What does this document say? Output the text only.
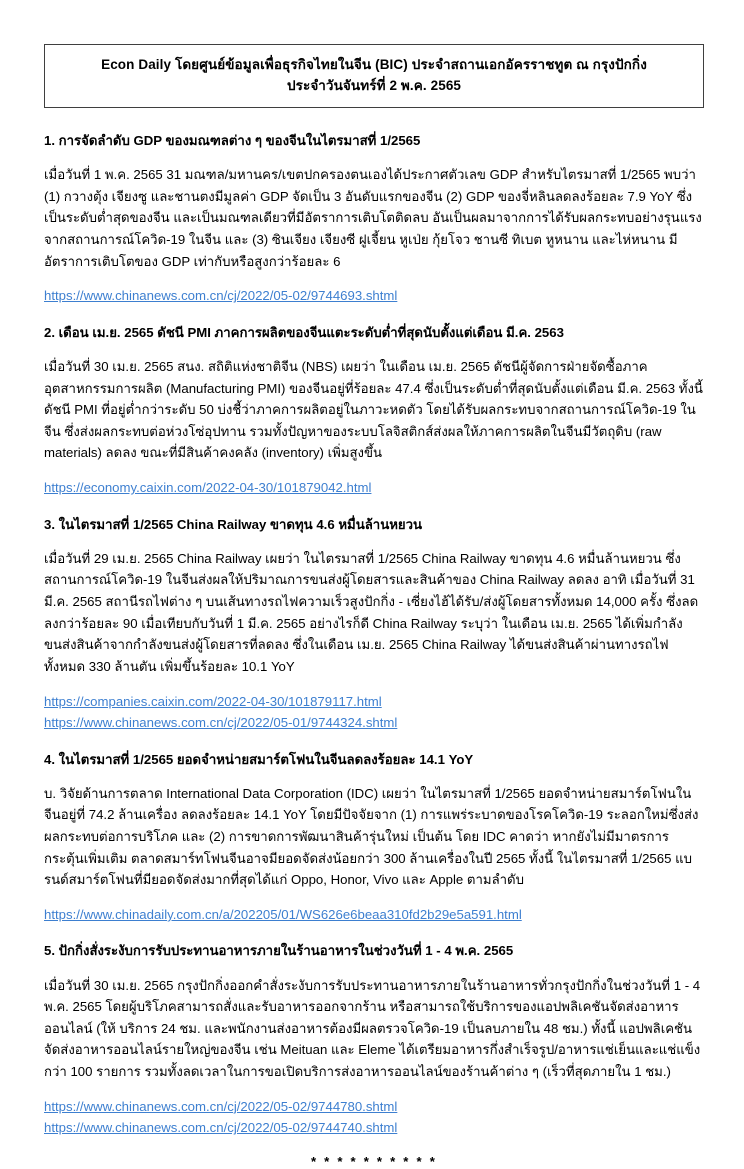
Econ Daily โดยศูนย์ข้อมูลเพื่อธุรกิจไทยในจีน (BIC) ประจำสถานเอกอัครราชทูต ณ กรุงปักกิ่ง
ประจำวันจันทร์ที่ 2 พ.ค. 2565
1. การจัดลำดับ GDP ของมณฑลต่าง ๆ ของจีนในไตรมาสที่ 1/2565

เมื่อวันที่ 1 พ.ค. 2565 31 มณฑล/มหานคร/เขตปกครองตนเองได้ประกาศตัวเลข GDP สำหรับไตรมาสที่ 1/2565 พบว่า (1) กวางตุ้ง เจียงซู และชานตงมีมูลค่า GDP จัดเป็น 3 อันดับแรกของจีน (2) GDP ของจี่หลินลดลงร้อยละ 7.9 YoY ซึ่งเป็นระดับต่ำสุดของจีน และเป็นมณฑลเดียวที่มีอัตราการเติบโตติดลบ อันเป็นผลมาจากการได้รับผลกระทบอย่างรุนแรงจากสถานการณ์โควิด-19 ในจีน และ (3) ซินเจียง เจียงซี ฝูเจี้ยน หูเป่ย กุ้ยโจว ชานซี ทิเบต หูหนาน และไห่หนาน มีอัตราการเติบโตของ GDP เท่ากับหรือสูงกว่าร้อยละ 6

https://www.chinanews.com.cn/cj/2022/05-02/9744693.shtml
2. เดือน เม.ย. 2565 ดัชนี PMI ภาคการผลิตของจีนแตะระดับต่ำที่สุดนับตั้งแต่เดือน มี.ค. 2563

เมื่อวันที่ 30 เม.ย. 2565 สนง. สถิติแห่งชาติจีน (NBS) เผยว่า ในเดือน เม.ย. 2565 ดัชนีผู้จัดการฝ่ายจัดซื้อภาคอุตสาหกรรมการผลิต (Manufacturing PMI) ของจีนอยู่ที่ร้อยละ 47.4 ซึ่งเป็นระดับต่ำที่สุดนับตั้งแต่เดือน มี.ค. 2563 ทั้งนี้ ดัชนี PMI ที่อยู่ต่ำกว่าระดับ 50 บ่งชี้ว่าภาคการผลิตอยู่ในภาวะหดตัว โดยได้รับผลกระทบจากสถานการณ์โควิด-19 ในจีน ซึ่งส่งผลกระทบต่อห่วงโซ่อุปทาน รวมทั้งปัญหาของระบบโลจิสติกส์ส่งผลให้ภาคการผลิตในจีนมีวัตถุดิบ (raw materials) ลดลง ขณะที่มีสินค้าคงคลัง (inventory) เพิ่มสูงขึ้น

https://economy.caixin.com/2022-04-30/101879042.html
3. ในไตรมาสที่ 1/2565 China Railway ขาดทุน 4.6 หมื่นล้านหยวน

เมื่อวันที่ 29 เม.ย. 2565 China Railway เผยว่า ในไตรมาสที่ 1/2565 China Railway ขาดทุน 4.6 หมื่นล้านหยวน ซึ่งสถานการณ์โควิด-19 ในจีนส่งผลให้ปริมาณการขนส่งผู้โดยสารและสินค้าของ China Railway ลดลง อาทิ เมื่อวันที่ 31 มี.ค. 2565 สถานีรถไฟต่าง ๆ บนเส้นทางรถไฟความเร็วสูงปักกิ่ง - เซี่ยงไฮ้ได้รับ/ส่งผู้โดยสารทั้งหมด 14,000 ครั้ง ซึ่งลดลงกว่าร้อยละ 90 เมื่อเทียบกับวันที่ 1 มี.ค. 2565 อย่างไรก็ดี China Railway ระบุว่า ในเดือน เม.ย. 2565 ได้เพิ่มกำลังขนส่งสินค้าจากกำลังขนส่งผู้โดยสารที่ลดลง ซึ่งในเดือน เม.ย. 2565 China Railway ได้ขนส่งสินค้าผ่านทางรถไฟทั้งหมด 330 ล้านตัน เพิ่มขึ้นร้อยละ 10.1 YoY

https://companies.caixin.com/2022-04-30/101879117.html
https://www.chinanews.com.cn/cj/2022/05-01/9744324.shtml
4. ในไตรมาสที่ 1/2565 ยอดจำหน่ายสมาร์ตโฟนในจีนลดลงร้อยละ 14.1 YoY

บ. วิจัยด้านการตลาด International Data Corporation (IDC) เผยว่า ในไตรมาสที่ 1/2565 ยอดจำหน่ายสมาร์ตโฟนในจีนอยู่ที่ 74.2 ล้านเครื่อง ลดลงร้อยละ 14.1 YoY โดยมีปัจจัยจาก (1) การแพร่ระบาดของโรคโควิด-19 ระลอกใหม่ซึ่งส่งผลกระทบต่อการบริโภค และ (2) การขาดการพัฒนาสินค้ารุ่นใหม่ เป็นต้น โดย IDC คาดว่า หากยังไม่มีมาตรการกระตุ้นเพิ่มเติม ตลาดสมาร์ทโฟนจีนอาจมียอดจัดส่งน้อยกว่า 300 ล้านเครื่องในปี 2565 ทั้งนี้ ในไตรมาสที่ 1/2565 แบรนด์สมาร์ตโฟนที่มียอดจัดส่งมากที่สุดได้แก่ Oppo, Honor, Vivo และ Apple ตามลำดับ

https://www.chinadaily.com.cn/a/202205/01/WS626e6beaa310fd2b29e5a591.html
5. ปักกิ่งสั่งระงับการรับประทานอาหารภายในร้านอาหารในช่วงวันที่ 1 - 4 พ.ค. 2565

เมื่อวันที่ 30 เม.ย. 2565 กรุงปักกิ่งออกคำสั่งระงับการรับประทานอาหารภายในร้านอาหารทั่วกรุงปักกิ่งในช่วงวันที่ 1 - 4 พ.ค. 2565 โดยผู้บริโภคสามารถสั่งและรับอาหารออกจากร้าน หรือสามารถใช้บริการของแอปพลิเคชันจัดส่งอาหารออนไลน์ (ให้ บริการ 24 ชม. และพนักงานส่งอาหารต้องมีผลตรวจโควิด-19 เป็นลบภายใน 48 ชม.) ทั้งนี้ แอปพลิเคชันจัดส่งอาหารออนไลน์รายใหญ่ของจีน เช่น Meituan และ Eleme ได้เตรียมอาหารกึ่งสำเร็จรูป/อาหารแช่เย็นและแช่แข็งกว่า 100 รายการ รวมทั้งลดเวลาในการขอเปิดบริการส่งอาหารออนไลน์ของร้านค้าต่าง ๆ (เร็วที่สุดภายใน 1 ชม.)

https://www.chinanews.com.cn/cj/2022/05-02/9744780.shtml
https://www.chinanews.com.cn/cj/2022/05-02/9744740.shtml
* * * * * * * * * *
